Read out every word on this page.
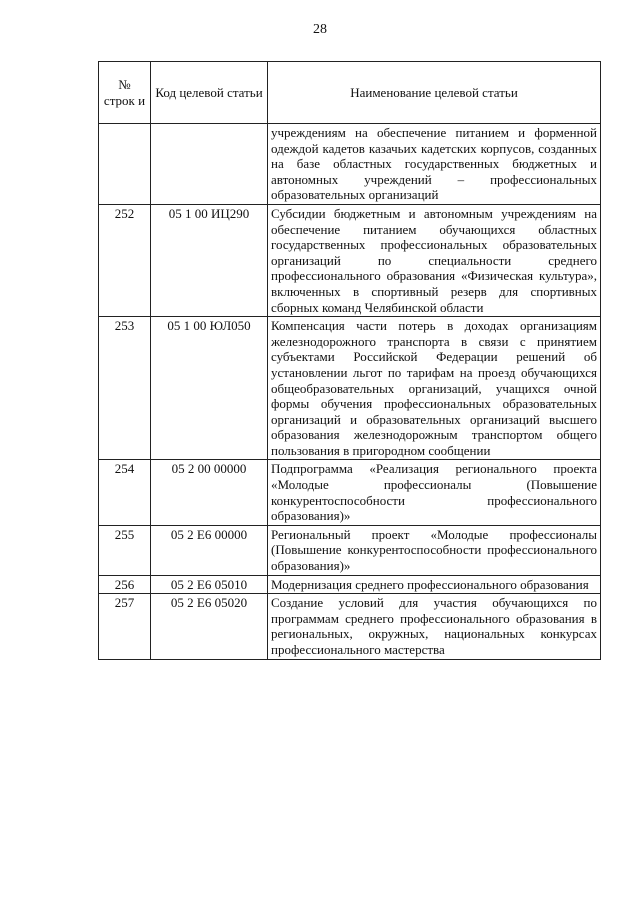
28
№ строк и	Код целевой статьи	Наименование целевой статьи
		учреждениям на обеспечение питанием и форменной одеждой кадетов казачьих кадетских корпусов, созданных на базе областных государственных бюджетных и автономных учреждений – профессиональных образовательных организаций
252	05 1 00 ИЦ290	Субсидии бюджетным и автономным учреждениям на обеспечение питанием обучающихся областных государственных профессиональных образовательных организаций по специальности среднего профессионального образования «Физическая культура», включенных в спортивный резерв для спортивных сборных команд Челябинской области
253	05 1 00 ЮЛ050	Компенсация части потерь в доходах организациям железнодорожного транспорта в связи с принятием субъектами Российской Федерации решений об установлении льгот по тарифам на проезд обучающихся общеобразовательных организаций, учащихся очной формы обучения профессиональных образовательных организаций и образовательных организаций высшего образования железнодорожным транспортом общего пользования в пригородном сообщении
254	05 2 00 00000	Подпрограмма «Реализация регионального проекта «Молодые профессионалы (Повышение конкурентоспособности профессионального образования)»
255	05 2 Е6 00000	Региональный проект «Молодые профессионалы (Повышение конкурентоспособности профессионального образования)»
256	05 2 Е6 05010	Модернизация среднего профессионального образования
257	05 2 Е6 05020	Создание условий для участия обучающихся по программам среднего профессионального образования в региональных, окружных, национальных конкурсах профессионального мастерства
